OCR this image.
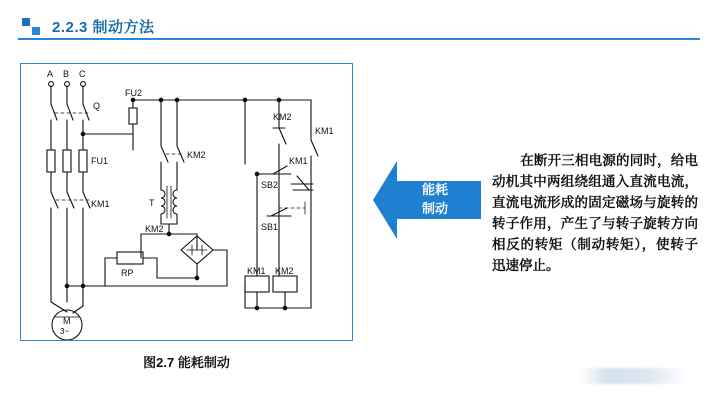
2.2.3 制动方法
A B C
Q
FU2
FU1
KM1
KM2
T
KM2
RP
KM2
KM1
KM1
SB2
SB1
KM1 KM2
M
3~
图2.7 能耗制动
（1）
能耗
制动
在断开三相电源的同时，给电动机其中两组绕组通入直流电流，直流电流形成的固定磁场与旋转的转子作用，产生了与转子旋转方向相反的转矩（制动转矩），使转子迅速停止。
